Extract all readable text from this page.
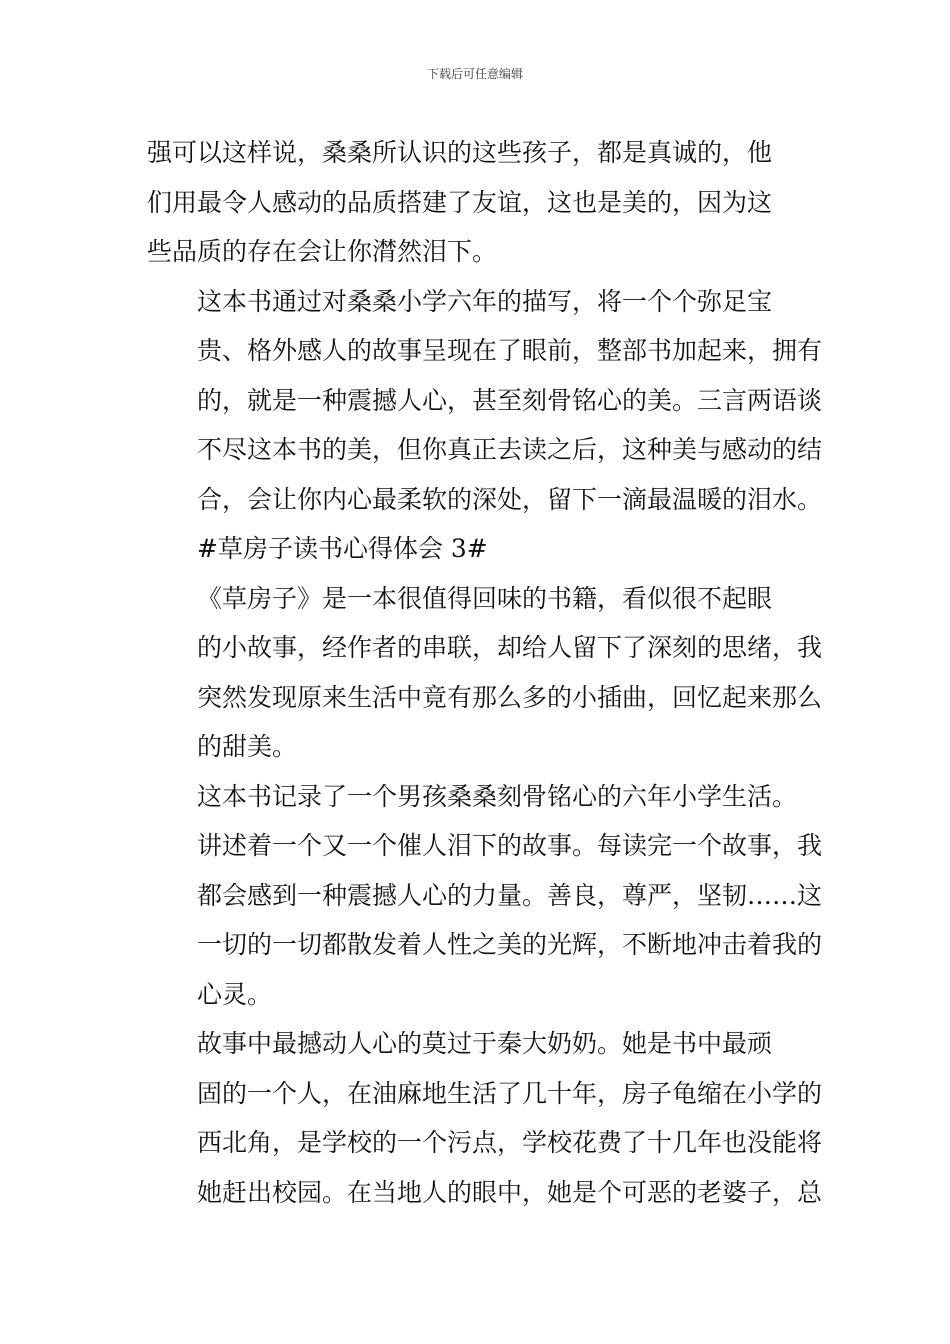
下载后可任意编辑

强可以这样说，桑桑所认识的这些孩子，都是真诚的，他
们用最令人感动的品质搭建了友谊，这也是美的，因为这
些品质的存在会让你潸然泪下。

这本书通过对桑桑小学六年的描写，将一个个弥足宝
贵、格外感人的故事呈现在了眼前，整部书加起来，拥有
的，就是一种震撼人心，甚至刻骨铭心的美。三言两语谈
不尽这本书的美，但你真正去读之后，这种美与感动的结
合，会让你内心最柔软的深处，留下一滴最温暖的泪水。

#草房子读书心得体会 3#

《草房子》是一本很值得回味的书籍，看似很不起眼
的小故事，经作者的串联，却给人留下了深刻的思绪，我
突然发现原来生活中竟有那么多的小插曲，回忆起来那么
的甜美。

这本书记录了一个男孩桑桑刻骨铭心的六年小学生活。
讲述着一个又一个催人泪下的故事。每读完一个故事，我
都会感到一种震撼人心的力量。善良，尊严，坚韧……这
一切的一切都散发着人性之美的光辉，不断地冲击着我的
心灵。

故事中最撼动人心的莫过于秦大奶奶。她是书中最顽
固的一个人，在油麻地生活了几十年，房子龟缩在小学的
西北角，是学校的一个污点，学校花费了十几年也没能将
她赶出校园。在当地人的眼中，她是个可恶的老婆子，总
